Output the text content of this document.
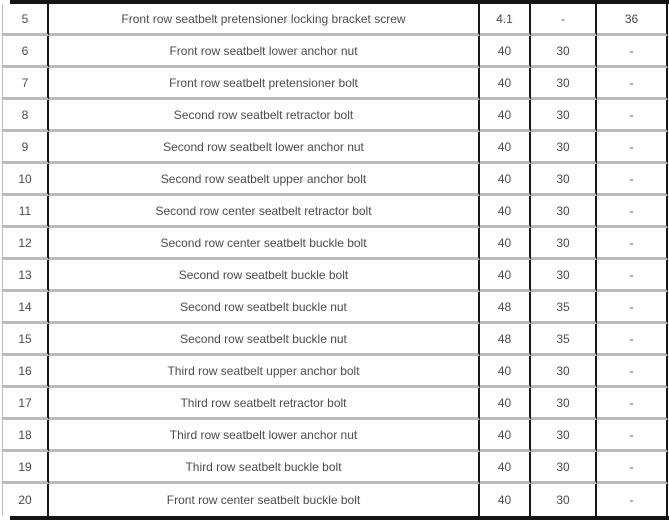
5	Front row seatbelt pretensioner locking bracket screw	4.1	-	36
6	Front row seatbelt lower anchor nut	40	30	-
7	Front row seatbelt pretensioner bolt	40	30	-
8	Second row seatbelt retractor bolt	40	30	-
9	Second row seatbelt lower anchor nut	40	30	-
10	Second row seatbelt upper anchor bolt	40	30	-
11	Second row center seatbelt retractor bolt	40	30	-
12	Second row center seatbelt buckle bolt	40	30	-
13	Second row seatbelt buckle bolt	40	30	-
14	Second row seatbelt buckle nut	48	35	-
15	Second row seatbelt buckle nut	48	35	-
16	Third row seatbelt upper anchor bolt	40	30	-
17	Third row seatbelt retractor bolt	40	30	-
18	Third row seatbelt lower anchor nut	40	30	-
19	Third row seatbelt buckle bolt	40	30	-
20	Front row center seatbelt buckle bolt	40	30	-
